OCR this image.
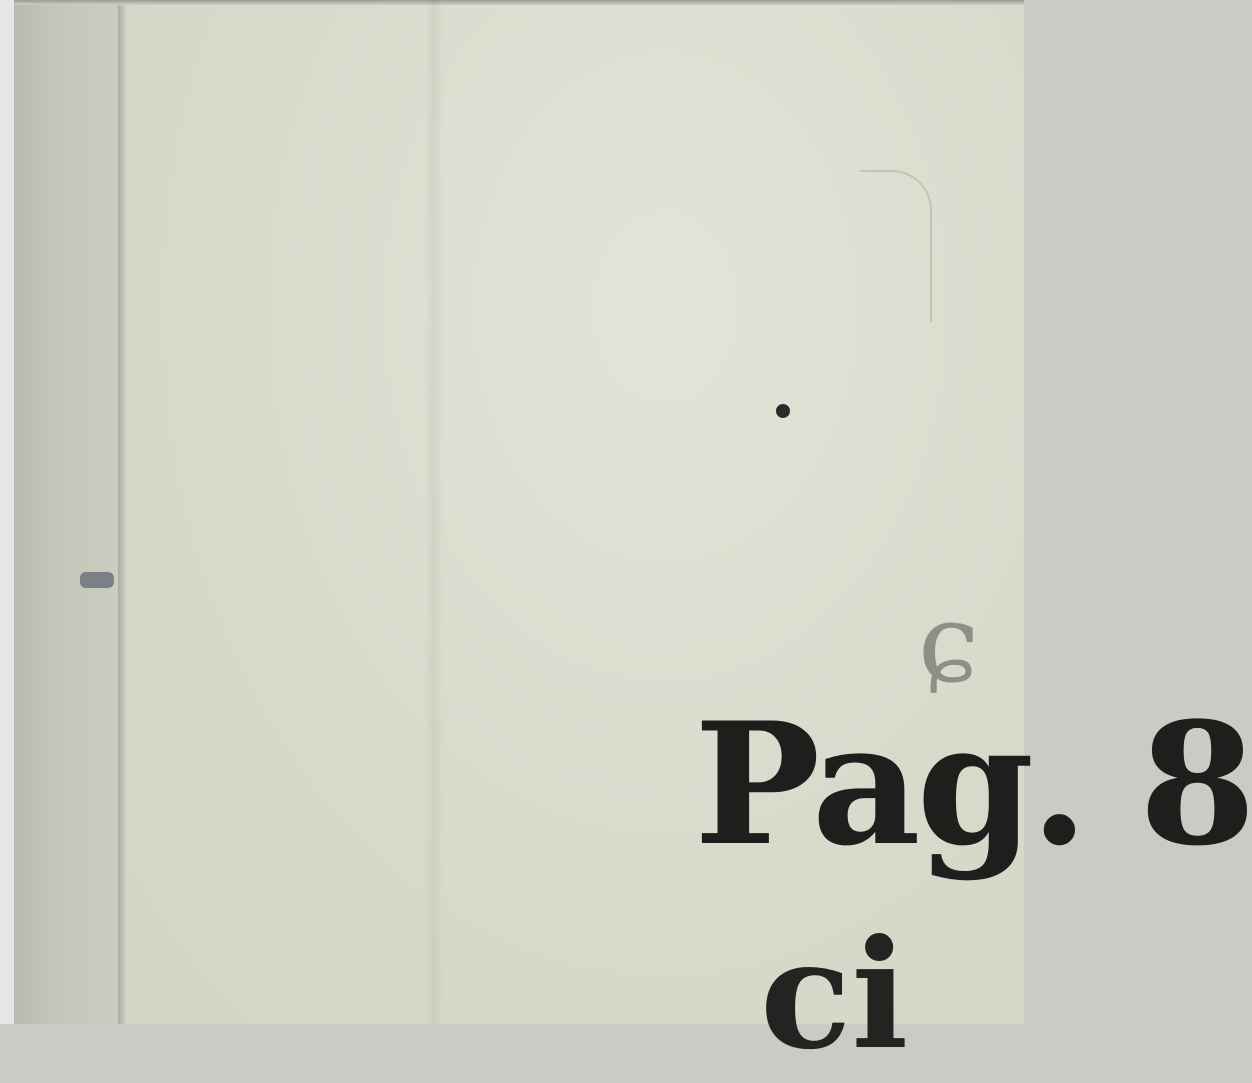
ɕ
Pag. 8
ci
